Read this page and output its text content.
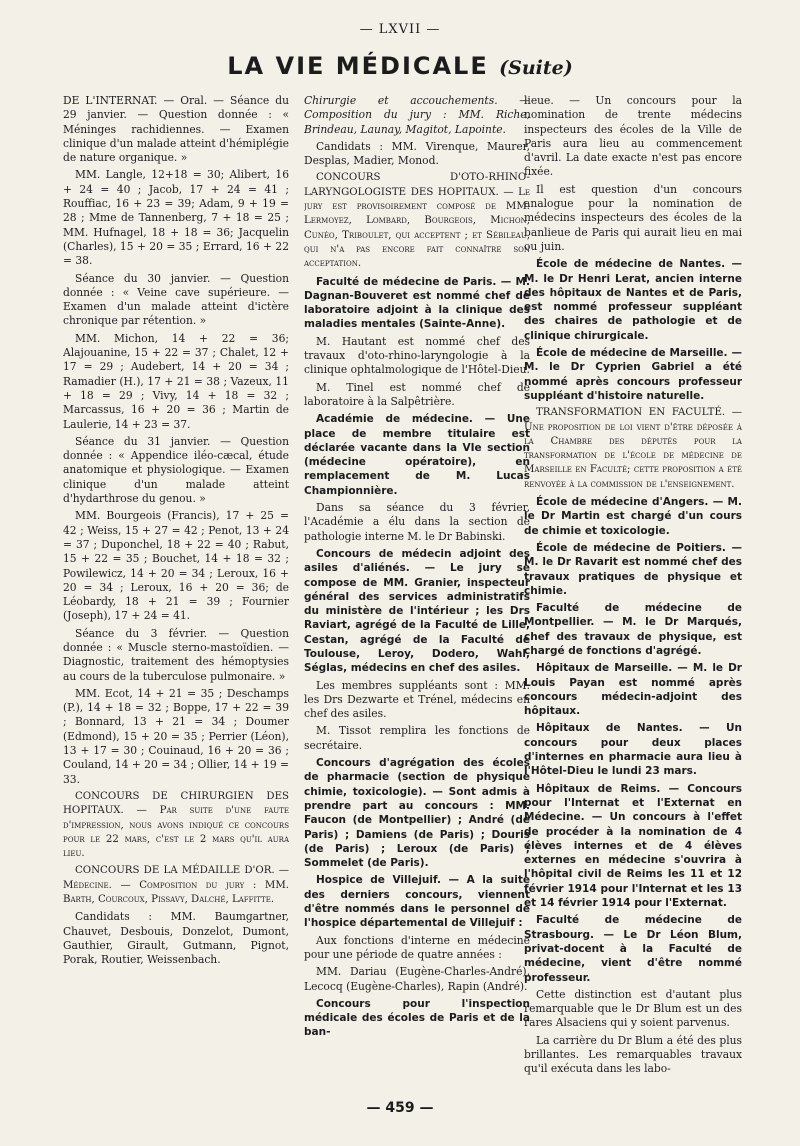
— LXVII —
LA VIE MÉDICALE (Suite)

DE L'INTERNAT. — Oral. — Séance du 29 janvier. — Question donnée : « Méninges rachidiennes. — Examen clinique d'un malade atteint d'hémiplégie de nature organique. »

MM. Langle, 12+18 = 30; Alibert, 16 + 24 = 40 ; Jacob, 17 + 24 = 41 ; Rouffiac, 16 + 23 = 39; Adam, 9 + 19 = 28 ; Mme de Tannenberg, 7 + 18 = 25 ; MM. Hufnagel, 18 + 18 = 36; Jacquelin (Charles), 15 + 20 = 35 ; Errard, 16 + 22 = 38.

Séance du 30 janvier. — Question donnée : « Veine cave supérieure. — Examen d'un malade atteint d'ictère chronique par rétention. »

MM. Michon, 14 + 22 = 36; Alajouanine, 15 + 22 = 37 ; Chalet, 12 + 17 = 29 ; Audebert, 14 + 20 = 34 ; Ramadier (H.), 17 + 21 = 38 ; Vazeux, 11 + 18 = 29 ; Vivy, 14 + 18 = 32 ; Marcassus, 16 + 20 = 36 ; Martin de Laulerie, 14 + 23 = 37.

Séance du 31 janvier. — Question donnée : « Appendice iléo-cæcal, étude anatomique et physiologique. — Examen clinique d'un malade atteint d'hydarthrose du genou. »

MM. Bourgeois (Francis), 17 + 25 = 42 ; Weiss, 15 + 27 = 42 ; Penot, 13 + 24 = 37 ; Duponchel, 18 + 22 = 40 ; Rabut, 15 + 22 = 35 ; Bouchet, 14 + 18 = 32 ; Powilewicz, 14 + 20 = 34 ; Leroux, 16 + 20 = 34 ; Leroux, 16 + 20 = 36; de Léobardy, 18 + 21 = 39 ; Fournier (Joseph), 17 + 24 = 41.

Séance du 3 février. — Question donnée : « Muscle sterno-mastoïdien. — Diagnostic, traitement des hémoptysies au cours de la tuberculose pulmonaire. »

MM. Ecot, 14 + 21 = 35 ; Deschamps (P.), 14 + 18 = 32 ; Boppe, 17 + 22 = 39 ; Bonnard, 13 + 21 = 34 ; Doumer (Edmond), 15 + 20 = 35 ; Perrier (Léon), 13 + 17 = 30 ; Couinaud, 16 + 20 = 36 ; Couland, 14 + 20 = 34 ; Ollier, 14 + 19 = 33.

CONCOURS DE CHIRURGIEN DES HOPITAUX. — Par suite d'une faute d'impression, nous avons indiqué ce concours pour le 22 mars, c'est le 2 mars qu'il aura lieu.

CONCOURS DE LA MÉDAILLE D'OR. — Médecine. — Composition du jury : MM. Barth, Courcoux, Pissavy, Dalché, Laffitte.

Candidats : MM. Baumgartner, Chauvet, Desbouis, Donzelot, Dumont, Gauthier, Girault, Gutmann, Pignot, Porak, Routier, Weissenbach.

Chirurgie et accouchements. — Composition du jury : MM. Riche, Brindeau, Launay, Magitot, Lapointe.

Candidats : MM. Virenque, Maurer, Desplas, Madier, Monod.

CONCOURS D'OTO-RHINO-LARYNGOLOGISTE DES HOPITAUX. — Le jury est provisoirement composé de MM. Lermoyez, Lombard, Bourgeois, Michon, Cunéo, Triboulet, qui acceptent ; et Sébileau, qui n'a pas encore fait connaître son acceptation.

Faculté de médecine de Paris. — M. Dagnan-Bouveret est nommé chef de laboratoire adjoint à la clinique des maladies mentales (Sainte-Anne).

M. Hautant est nommé chef des travaux d'oto-rhino-laryngologie à la clinique ophtalmologique de l'Hôtel-Dieu.

M. Tinel est nommé chef de laboratoire à la Salpêtrière.

Académie de médecine. — Une place de membre titulaire est déclarée vacante dans la VIe section (médecine opératoire), en remplacement de M. Lucas Championnière.

Dans sa séance du 3 février, l'Académie a élu dans la section de pathologie interne M. le Dr Babinski.

Concours de médecin adjoint des asiles d'aliénés. — Le jury se compose de MM. Granier, inspecteur général des services administratifs du ministère de l'intérieur ; les Drs Raviart, agrégé de la Faculté de Lille, Cestan, agrégé de la Faculté de Toulouse, Leroy, Dodero, Wahl, Séglas, médecins en chef des asiles.

Les membres suppléants sont : MM. les Drs Dezwarte et Trénel, médecins en chef des asiles.

M. Tissot remplira les fonctions de secrétaire.

Concours d'agrégation des écoles de pharmacie (section de physique chimie, toxicologie). — Sont admis à prendre part au concours : MM. Faucon (de Montpellier) ; André (de Paris) ; Damiens (de Paris) ; Douris (de Paris) ; Leroux (de Paris) ; Sommelet (de Paris).

Hospice de Villejuif. — A la suite des derniers concours, viennent d'être nommés dans le personnel de l'hospice départemental de Villejuif :

Aux fonctions d'interne en médecine pour une période de quatre années :

MM. Dariau (Eugène-Charles-André), Lecocq (Eugène-Charles), Rapin (André).

Concours pour l'inspection médicale des écoles de Paris et de la ban-

lieue. — Un concours pour la nomination de trente médecins inspecteurs des écoles de la Ville de Paris aura lieu au commencement d'avril. La date exacte n'est pas encore fixée.

Il est question d'un concours analogue pour la nomination de médecins inspecteurs des écoles de la banlieue de Paris qui aurait lieu en mai ou juin.

École de médecine de Nantes. — M. le Dr Henri Lerat, ancien interne des hôpitaux de Nantes et de Paris, est nommé professeur suppléant des chaires de pathologie et de clinique chirurgicale.

École de médecine de Marseille. — M. le Dr Cyprien Gabriel a été nommé après concours professeur suppléant d'histoire naturelle.

TRANSFORMATION EN FACULTÉ. — Une proposition de loi vient d'être déposée à la Chambre des députés pour la transformation de l'école de médecine de Marseille en Faculté; cette proposition a été renvoyée à la commission de l'enseignement.

École de médecine d'Angers. — M. le Dr Martin est chargé d'un cours de chimie et toxicologie.

École de médecine de Poitiers. — M. le Dr Ravarit est nommé chef des travaux pratiques de physique et chimie.

Faculté de médecine de Montpellier. — M. le Dr Marqués, chef des travaux de physique, est chargé de fonctions d'agrégé.

Hôpitaux de Marseille. — M. le Dr Louis Payan est nommé après concours médecin-adjoint des hôpitaux.

Hôpitaux de Nantes. — Un concours pour deux places d'internes en pharmacie aura lieu à l'Hôtel-Dieu le lundi 23 mars.

Hôpitaux de Reims. — Concours pour l'Internat et l'Externat en Médecine. — Un concours à l'effet de procéder à la nomination de 4 élèves internes et de 4 élèves externes en médecine s'ouvrira à l'hôpital civil de Reims les 11 et 12 février 1914 pour l'Internat et les 13 et 14 février 1914 pour l'Externat.

Faculté de médecine de Strasbourg. — Le Dr Léon Blum, privat-docent à la Faculté de médecine, vient d'être nommé professeur.

Cette distinction est d'autant plus remarquable que le Dr Blum est un des rares Alsaciens qui y soient parvenus.

La carrière du Dr Blum a été des plus brillantes. Les remarquables travaux qu'il exécuta dans les labo-

— 459 —
